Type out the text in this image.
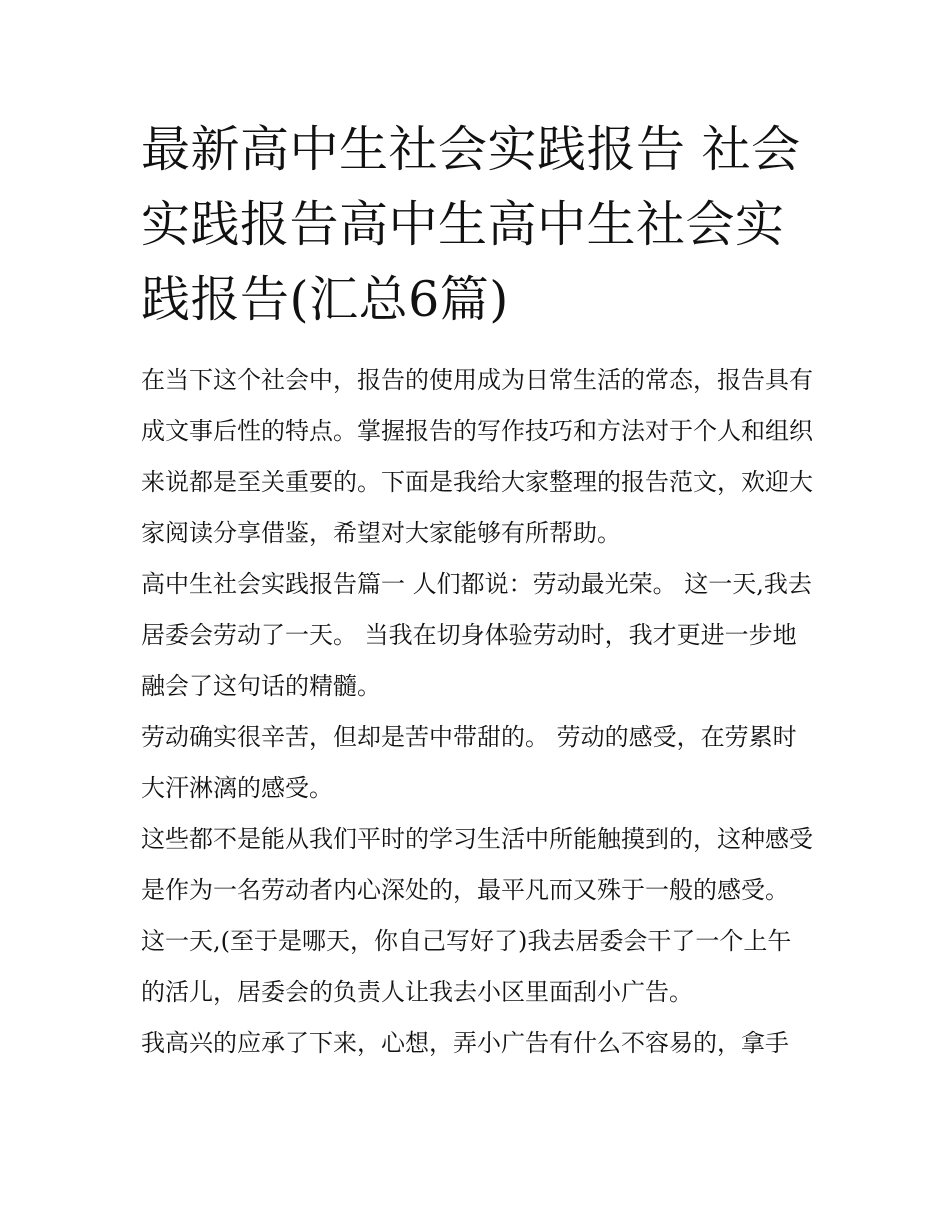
最新高中生社会实践报告 社会实践报告高中生高中生社会实践报告(汇总6篇)

在当下这个社会中，报告的使用成为日常生活的常态，报告具有成文事后性的特点。掌握报告的写作技巧和方法对于个人和组织来说都是至关重要的。下面是我给大家整理的报告范文，欢迎大家阅读分享借鉴，希望对大家能够有所帮助。

高中生社会实践报告篇一 人们都说：劳动最光荣。 这一天,我去居委会劳动了一天。 当我在切身体验劳动时，我才更进一步地融会了这句话的精髓。

劳动确实很辛苦，但却是苦中带甜的。 劳动的感受，在劳累时大汗淋漓的感受。

这些都不是能从我们平时的学习生活中所能触摸到的，这种感受是作为一名劳动者内心深处的，最平凡而又殊于一般的感受。

这一天,(至于是哪天，你自己写好了)我去居委会干了一个上午的活儿，居委会的负责人让我去小区里面刮小广告。

我高兴的应承了下来，心想，弄小广告有什么不容易的，拿手
